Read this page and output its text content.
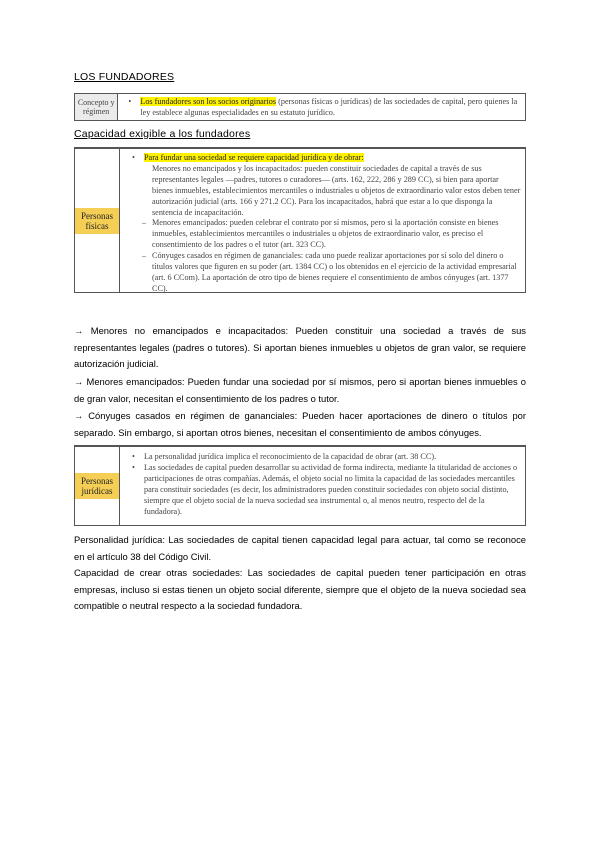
LOS FUNDADORES
Concepto y régimen
• Los fundadores son los socios originarios (personas físicas o jurídicas) de las sociedades de capital, pero quienes la ley establece algunas especialidades en su estatuto jurídico.
Capacidad exigible a los fundadores
Personas físicas
• Para fundar una sociedad se requiere capacidad jurídica y de obrar:
Menores no emancipados y los incapacitados: pueden constituir sociedades de capital a través de sus representantes legales —padres, tutores o curadores— (arts. 162, 222, 286 y 289 CC), si bien para aportar bienes inmuebles, establecimientos mercantiles o industriales u objetos de extraordinario valor estos deben tener autorización judicial (arts. 166 y 271.2 CC). Para los incapacitados, habrá que estar a lo que disponga la sentencia de incapacitación.
– Menores emancipados: pueden celebrar el contrato por sí mismos, pero si la aportación consiste en bienes inmuebles, establecimientos mercantiles o industriales u objetos de extraordinario valor, es preciso el consentimiento de los padres o el tutor (art. 323 CC).
– Cónyuges casados en régimen de gananciales: cada uno puede realizar aportaciones por sí solo del dinero o títulos valores que figuren en su poder (art. 1384 CC) o los obtenidos en el ejercicio de la actividad empresarial (art. 6 CCom). La aportación de otro tipo de bienes requiere el consentimiento de ambos cónyuges (art. 1377 CC).
→ Menores no emancipados e incapacitados: Pueden constituir una sociedad a través de sus representantes legales (padres o tutores). Si aportan bienes inmuebles u objetos de gran valor, se requiere autorización judicial.
→ Menores emancipados: Pueden fundar una sociedad por sí mismos, pero si aportan bienes inmuebles o de gran valor, necesitan el consentimiento de los padres o tutor.
→ Cónyuges casados en régimen de gananciales: Pueden hacer aportaciones de dinero o títulos por separado. Sin embargo, si aportan otros bienes, necesitan el consentimiento de ambos cónyuges.
Personas jurídicas
• La personalidad jurídica implica el reconocimiento de la capacidad de obrar (art. 38 CC).
• Las sociedades de capital pueden desarrollar su actividad de forma indirecta, mediante la titularidad de acciones o participaciones de otras compañías. Además, el objeto social no limita la capacidad de las sociedades mercantiles para constituir sociedades (es decir, los administradores pueden constituir sociedades con objeto social distinto, siempre que el objeto social de la nueva sociedad sea instrumental o, al menos neutro, respecto del de la fundadora).
Personalidad jurídica: Las sociedades de capital tienen capacidad legal para actuar, tal como se reconoce en el artículo 38 del Código Civil.
Capacidad de crear otras sociedades: Las sociedades de capital pueden tener participación en otras empresas, incluso si estas tienen un objeto social diferente, siempre que el objeto de la nueva sociedad sea compatible o neutral respecto a la sociedad fundadora.
